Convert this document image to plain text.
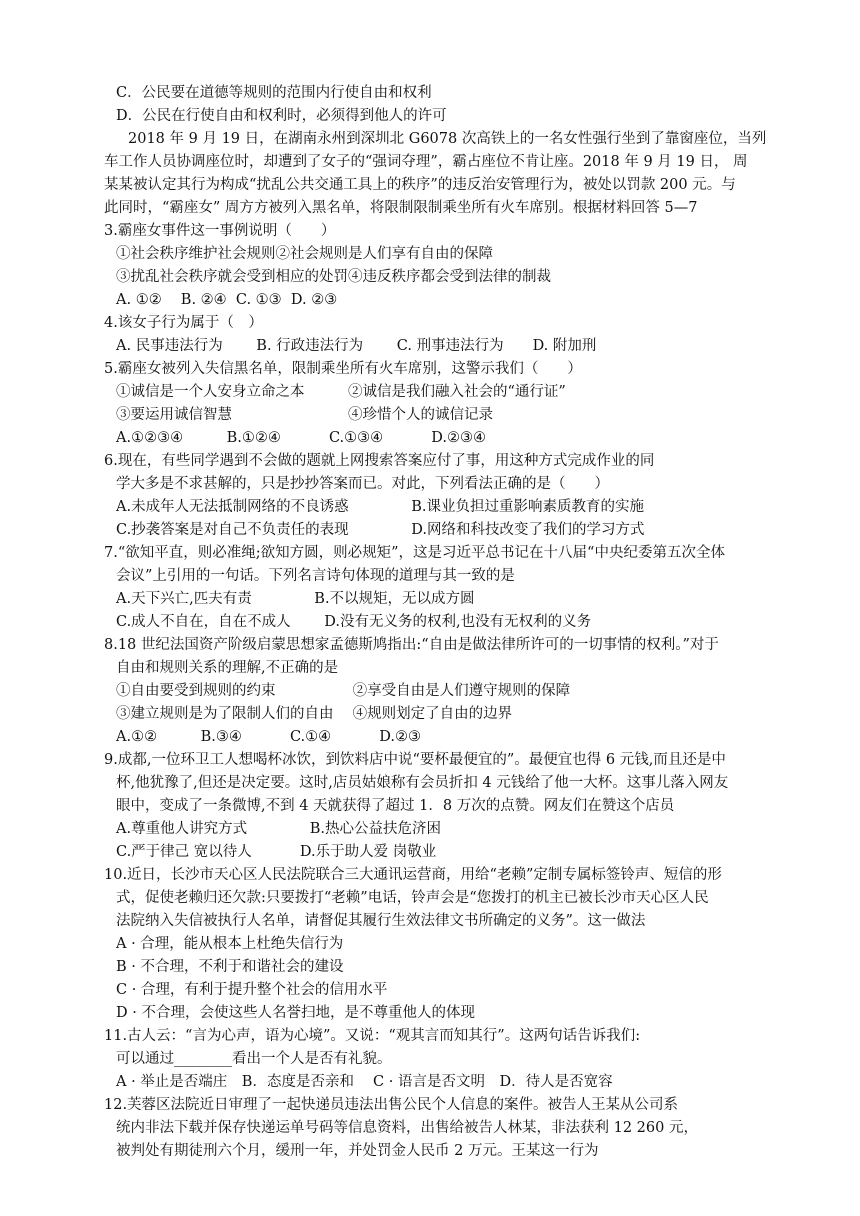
C．公民要在道德等规则的范围内行使自由和权利
D．公民在行使自由和权利时，必须得到他人的许可
2018 年 9 月 19 日，在湖南永州到深圳北 G6078 次高铁上的一名女性强行坐到了靠窗座位，当列
车工作人员协调座位时，却遭到了女子的“强词夺理”，霸占座位不肯让座。2018 年 9 月 19 日， 周
某某被认定其行为构成“扰乱公共交通工具上的秩序”的违反治安管理行为，被处以罚款 200 元。与
此同时，“霸座女” 周方方被列入黑名单，将限制限制乘坐所有火车席别。根据材料回答 5—7
3.霸座女事件这一事例说明（　　）
①社会秩序维护社会规则②社会规则是人们享有自由的保障
③扰乱社会秩序就会受到相应的处罚④违反秩序都会受到法律的制裁
A. ①②　 B. ②④  C. ①③  D. ②③
4.该女子行为属于（　）
A. 民事违法行为　　 B. 行政违法行为　　 C. 刑事违法行为　　D. 附加刑
5.霸座女被列入失信黑名单，限制乘坐所有火车席别，这警示我们（　　）
①诚信是一个人安身立命之本　　　②诚信是我们融入社会的“通行证”
③要运用诚信智慧　　　　　　　　④珍惜个人的诚信记录
A.①②③④　　　B.①②④　　　 C.①③④　　　 D.②③④
6.现在，有些同学遇到不会做的题就上网搜索答案应付了事，用这种方式完成作业的同
学大多是不求甚解的，只是抄抄答案而已。对此，下列看法正确的是（　　）
A.未成年人无法抵制网络的不良诱惑　　　　 B.课业负担过重影响素质教育的实施
C.抄袭答案是对自己不负责任的表现　　　　 D.网络和科技改变了我们的学习方式
7.“欲知平直，则必准绳;欲知方圆，则必规矩”，这是习近平总书记在十八届“中央纪委第五次全体
会议”上引用的一句话。下列名言诗句体现的道理与其一致的是
A.天下兴亡,匹夫有责　　　　 B.不以规矩，无以成方圆
C.成人不自在，自在不成人　　 D.没有无义务的权利,也没有无权利的义务
8.18 世纪法国资产阶级启蒙思想家孟德斯鸠指出:“自由是做法律所许可的一切事情的权利。”对于
自由和规则关系的理解,不正确的是
①自由要受到规则的约束　　　　　 ②享受自由是人们遵守规则的保障
③建立规则是为了限制人们的自由　 ④规则划定了自由的边界
A.①②　　　B.③④　　　 C.①④　　　 D.②③
9.成都,一位环卫工人想喝杯冰饮，到饮料店中说“要杯最便宜的”。最便宜也得 6 元钱,而且还是中
杯,他犹豫了,但还是决定要。这时,店员姑娘称有会员折扣 4 元钱给了他一大杯。这事儿落入网友
眼中，变成了一条微博,不到 4 天就获得了超过 1．8 万次的点赞。网友们在赞这个店员
A.尊重他人讲究方式　　　　 B.热心公益扶危济困
C.严于律己 宽以待人　　　 D.乐于助人爱 岗敬业
10.近日，长沙市天心区人民法院联合三大通讯运营商，用给“老赖”定制专属标签铃声、短信的形
式，促使老赖归还欠款:只要拨打“老赖”电话，铃声会是“您拨打的机主已被长沙市天心区人民
法院纳入失信被执行人名单，请督促其履行生效法律文书所确定的义务”。这一做法
A · 合理，能从根本上杜绝失信行为
B · 不合理，不利于和谐社会的建设
C · 合理，有利于提升整个社会的信用水平
D · 不合理，会使这些人名誉扫地，是不尊重他人的体现
11.古人云：“言为心声，语为心境”。又说：“观其言而知其行”。这两句话告诉我们:
可以通过________看出一个人是否有礼貌。
A · 举止是否端庄　B．态度是否亲和　 C · 语言是否文明　D．待人是否宽容
12.芙蓉区法院近日审理了一起快递员违法出售公民个人信息的案件。被告人王某从公司系
统内非法下载并保存快递运单号码等信息资料，出售给被告人林某，非法获利 12 260 元，
被判处有期徒刑六个月，缓刑一年，并处罚金人民币 2 万元。王某这一行为
